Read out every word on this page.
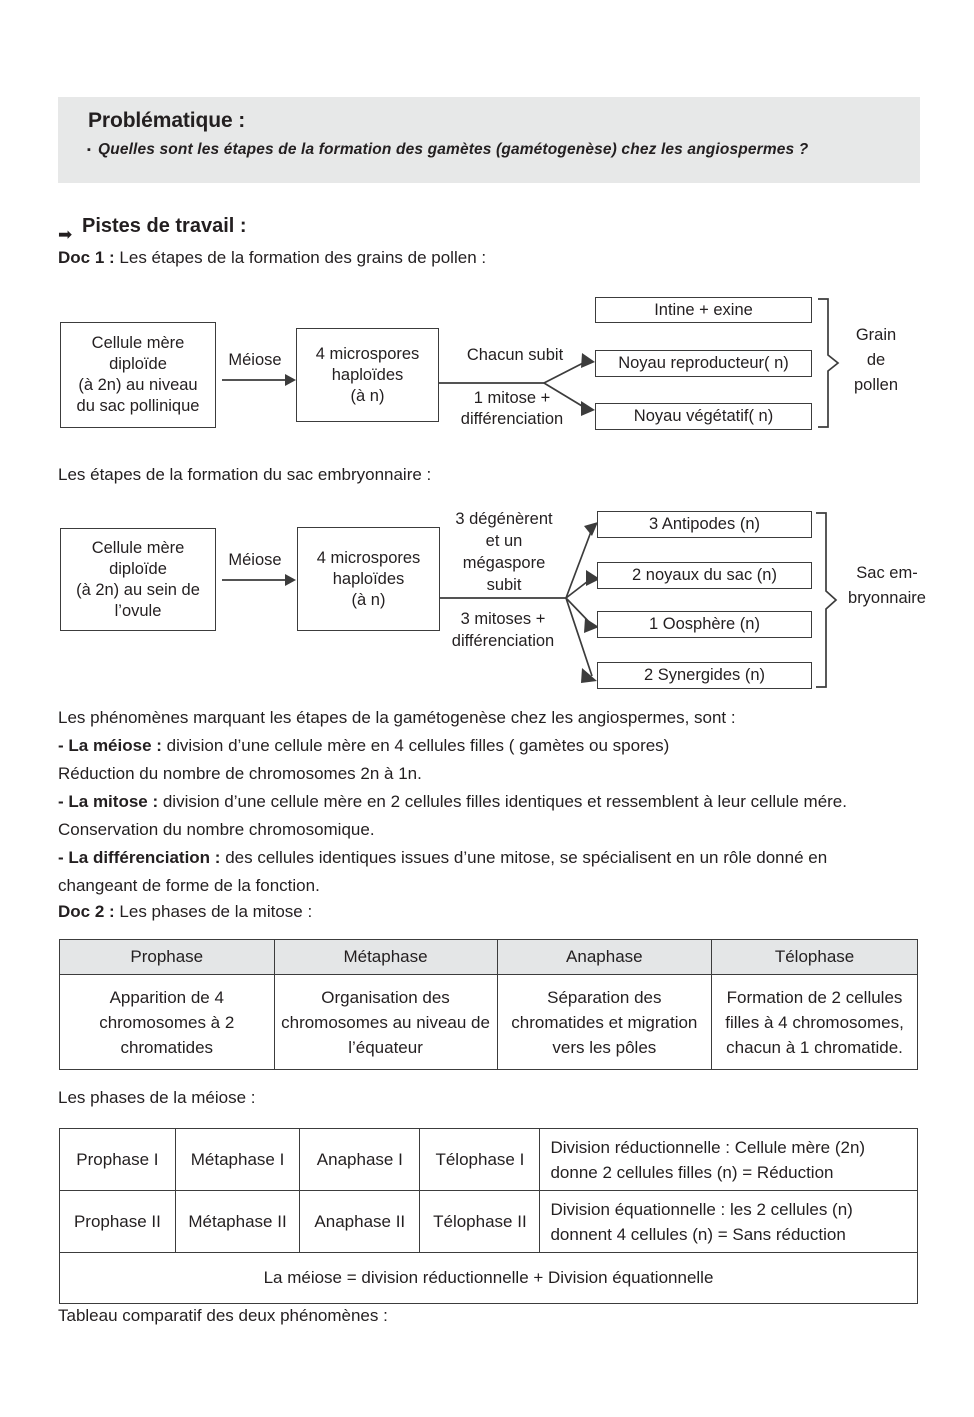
Problématique :
▪ Quelles sont les étapes de la formation des gamètes (gamétogenèse) chez les angiospermes ?
➡ Pistes de travail :
Doc 1 : Les étapes de la formation des grains de pollen :
Cellule mère
diploïde
(à 2n) au niveau
du sac pollinique
Méiose	4 microspores
haploïdes
(à n)
Chacun subit
1 mitose +
différenciation
Intine + exine
Noyau reproducteur( n)
Noyau végétatif( n)
Grain
de
pollen
Les étapes de la formation du sac embryonnaire :
Cellule mère
diploïde
(à 2n) au sein de
l’ovule
Méiose	4 microspores
haploïdes
(à n)
3 dégénèrent
et un
mégaspore
subit
3 mitoses +
différenciation
3 Antipodes (n)
2 noyaux du sac (n)
1 Oosphère (n)
2 Synergides (n)
Sac em-
bryonnaire
Les phénomènes marquant les étapes de la gamétogenèse chez les angiospermes, sont :
- La méiose : division d’une cellule mère en 4 cellules filles ( gamètes ou spores)
Réduction du nombre de chromosomes 2n à 1n.
- La mitose : division d’une cellule mère en 2 cellules filles identiques et ressemblent à leur cellule mére.
Conservation du nombre chromosomique.
- La différenciation : des cellules identiques issues d’une mitose, se spécialisent en un rôle donné en
changeant de forme de la fonction.
Doc 2 : Les phases de la mitose :
Prophase	Métaphase	Anaphase	Télophase
Apparition de 4 chromosomes à 2 chromatides	Organisation des chromosomes au niveau de l’équateur	Séparation des chromatides et migration vers les pôles	Formation de 2 cellules filles à 4 chromosomes, chacun à 1 chromatide.
Les phases de la méiose :
Prophase I	Métaphase I	Anaphase I	Télophase I	Division réductionnelle : Cellule mère (2n)
donne 2 cellules filles (n) = Réduction

Prophase II	Métaphase II	Anaphase II	Télophase II	Division équationnelle : les 2 cellules (n)
donnent 4 cellules (n) = Sans réduction

La méiose = division réductionnelle + Division équationnelle				
Tableau comparatif des deux phénomènes :
